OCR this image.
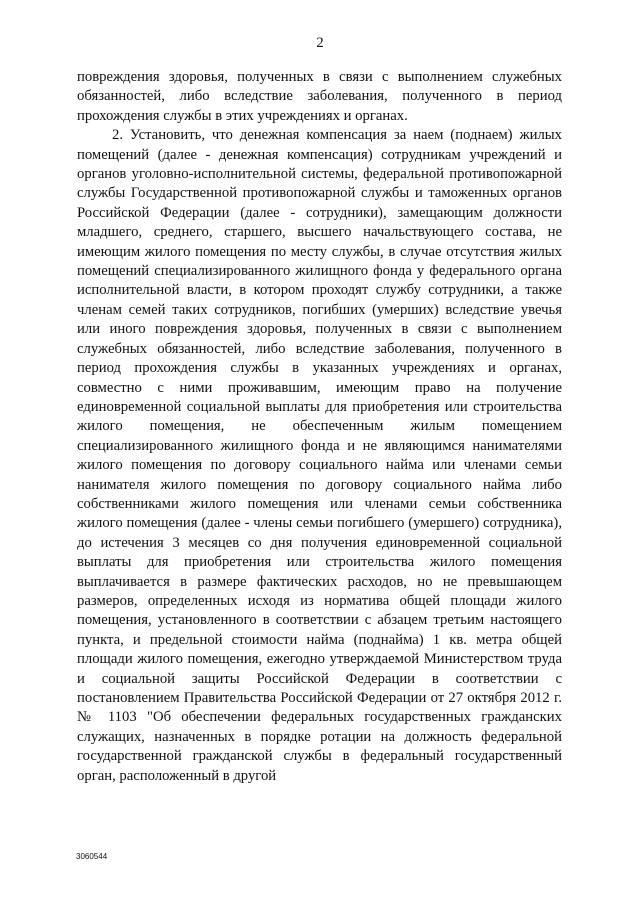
2

повреждения здоровья, полученных в связи с выполнением служебных обязанностей, либо вследствие заболевания, полученного в период прохождения службы в этих учреждениях и органах.

2. Установить, что денежная компенсация за наем (поднаем) жилых помещений (далее - денежная компенсация) сотрудникам учреждений и органов уголовно-исполнительной системы, федеральной противопожарной службы Государственной противопожарной службы и таможенных органов Российской Федерации (далее - сотрудники), замещающим должности младшего, среднего, старшего, высшего начальствующего состава, не имеющим жилого помещения по месту службы, в случае отсутствия жилых помещений специализированного жилищного фонда у федерального органа исполнительной власти, в котором проходят службу сотрудники, а также членам семей таких сотрудников, погибших (умерших) вследствие увечья или иного повреждения здоровья, полученных в связи с выполнением служебных обязанностей, либо вследствие заболевания, полученного в период прохождения службы в указанных учреждениях и органах, совместно с ними проживавшим, имеющим право на получение единовременной социальной выплаты для приобретения или строительства жилого помещения, не обеспеченным жилым помещением специализированного жилищного фонда и не являющимся нанимателями жилого помещения по договору социального найма или членами семьи нанимателя жилого помещения по договору социального найма либо собственниками жилого помещения или членами семьи собственника жилого помещения (далее - члены семьи погибшего (умершего) сотрудника), до истечения 3 месяцев со дня получения единовременной социальной выплаты для приобретения или строительства жилого помещения выплачивается в размере фактических расходов, но не превышающем размеров, определенных исходя из норматива общей площади жилого помещения, установленного в соответствии с абзацем третьим настоящего пункта, и предельной стоимости найма (поднайма) 1 кв. метра общей площади жилого помещения, ежегодно утверждаемой Министерством труда и социальной защиты Российской Федерации в соответствии с постановлением Правительства Российской Федерации от 27 октября 2012 г. № 1103 "Об обеспечении федеральных государственных гражданских служащих, назначенных в порядке ротации на должность федеральной государственной гражданской службы в федеральный государственный орган, расположенный в другой

3060544
